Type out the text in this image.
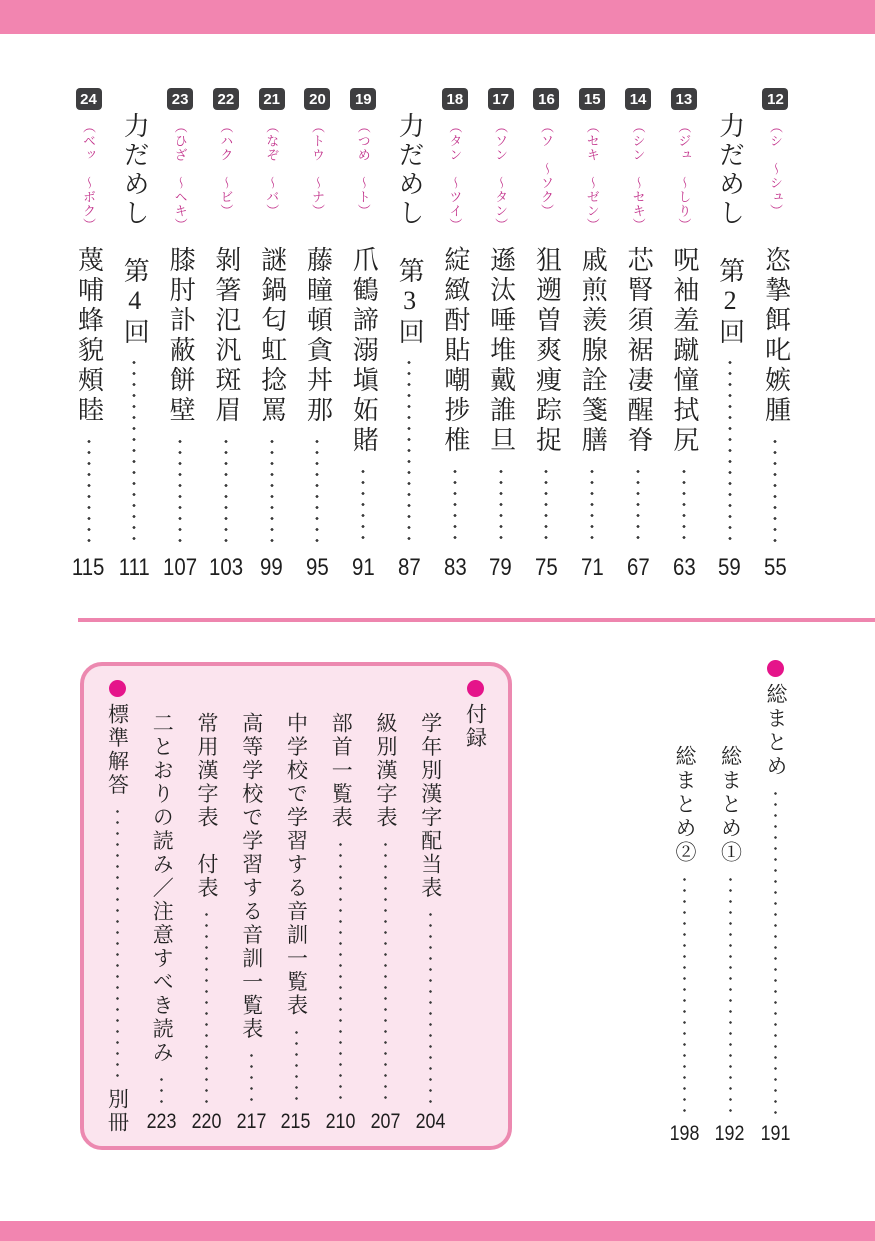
12
（シ　〜シュ）
恣摯餌叱嫉腫
55
力だめし　第2回
59
13
（ジュ　〜しり）
呪袖羞蹴憧拭尻
63
14
（シン　〜セキ）
芯腎須裾凄醒脊
67
15
（セキ　〜ゼン）
戚煎羨腺詮箋膳
71
16
（ソ　〜ソク）
狙遡曽爽痩踪捉
75
17
（ソン　〜タン）
遜汰唾堆戴誰旦
79
18
（タン　〜ツイ）
綻緻酎貼嘲捗椎
83
力だめし　第3回
87
19
（つめ　〜ト）
爪鶴諦溺塡妬賭
91
20
（トウ　〜ナ）
藤瞳頓貪丼那
95
21
（なぞ　〜バ）
謎鍋匂虹捻罵
99
22
（ハク　〜ビ）
剝箸氾汎斑眉
103
23
（ひざ　〜ヘキ）
膝肘訃蔽餅壁
107
力だめし　第4回
111
24
（ベッ　〜ボク）
蔑哺蜂貌頰睦
115
総まとめ
191
総まとめ①
192
総まとめ②
198
付録
学年別漢字配当表
204
級別漢字表
207
部首一覧表
210
中学校で学習する音訓一覧表
215
高等学校で学習する音訓一覧表
217
常用漢字表　付表
220
二とおりの読み／注意すべき読み
223
標準解答
別冊
